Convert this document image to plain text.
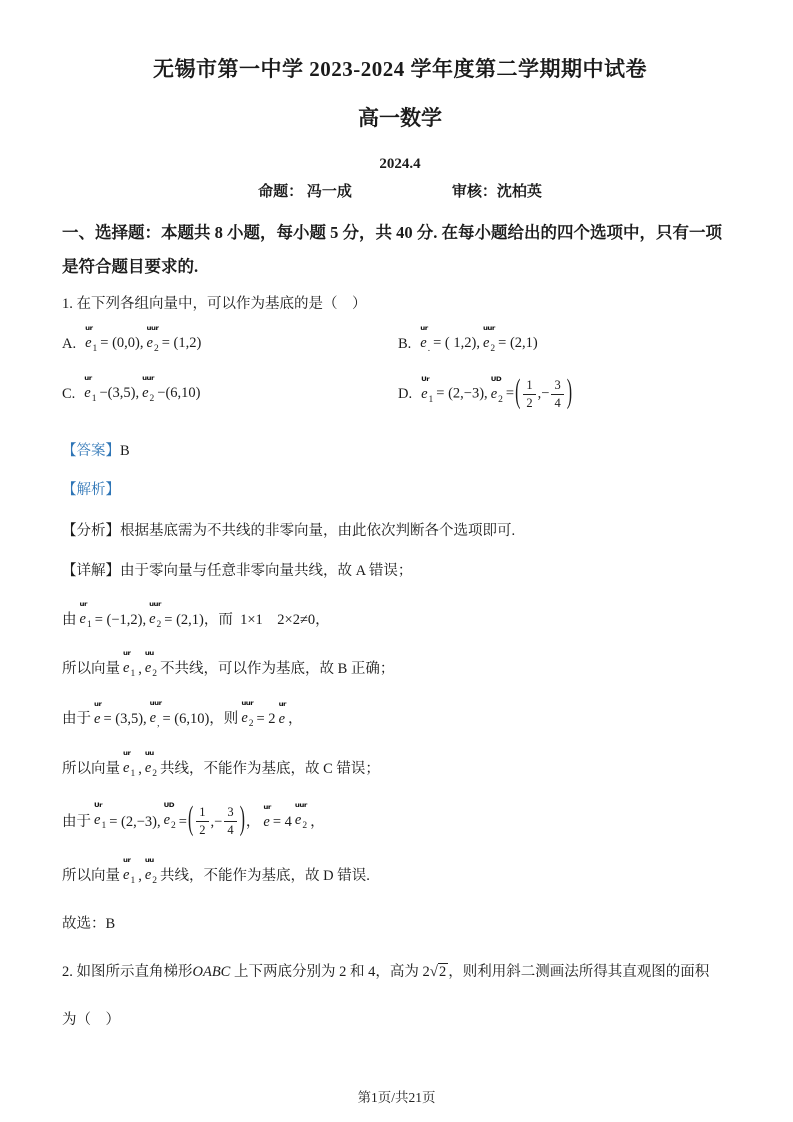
无锡市第一中学 2023-2024 学年度第二学期期中试卷
高一数学
2024.4
命题： 冯一成	审核：沈柏英
一、选择题：本题共 8 小题，每小题 5 分，共 40 分. 在每小题给出的四个选项中，只有一项
是符合题目要求的.
1. 在下列各组向量中，可以作为基底的是（　）
A.
ur
$e_1 = (0,0)$,
uur
$e_2 = (1,2)$	B.
ur
$e_.$ = ( 1,2),
uur
$e_2 = (2,1)$
C.
ur
$e_1 -(3,5)$,
uur
$e_2 -(6,10)$	D.
Ur
$e_1 = (2,-3)$,
UD
$e_2$ =( $\frac{1}{2}$ ,− $\frac{3}{4}$ )
【答案】B
【解析】
【分析】根据基底需为不共线的非零向量，由此依次判断各个选项即可.
【详解】由于零向量与任意非零向量共线，故 A 错误；
由
ur
$e_1 = (-1,2)$,
uur
$e_2 = (2,1)$，而  1×1　2×2≠0，
所以向量
ur
$e_1$ ,
uu
$e_2$ 不共线，可以作为基底，故 B 正确；
由于
ur
e = (3,5),
uur
$e_, = (6,10)$，则
uur
$e_2 = 2$
ur
e ，
所以向量
ur
$e_1$ ,
uu
$e_2$ 共线，不能作为基底，故 C 错误；
由于
Ur
$e_1 = (2,-3)$,
UD
$e_2$ = ( $\frac{1}{2}$ ,− $\frac{3}{4}$ ) ，
ur
e = 4
uur
$e_2$ ，
所以向量
ur
$e_1$ ,
uu
$e_2$ 共线，不能作为基底，故 D 错误.
故选：B
2. 如图所示直角梯形OABC 上下两底分别为 2 和 4，高为 2√2 ，则利用斜二测画法所得其直观图的面积
为（　）
第1页/共21页
